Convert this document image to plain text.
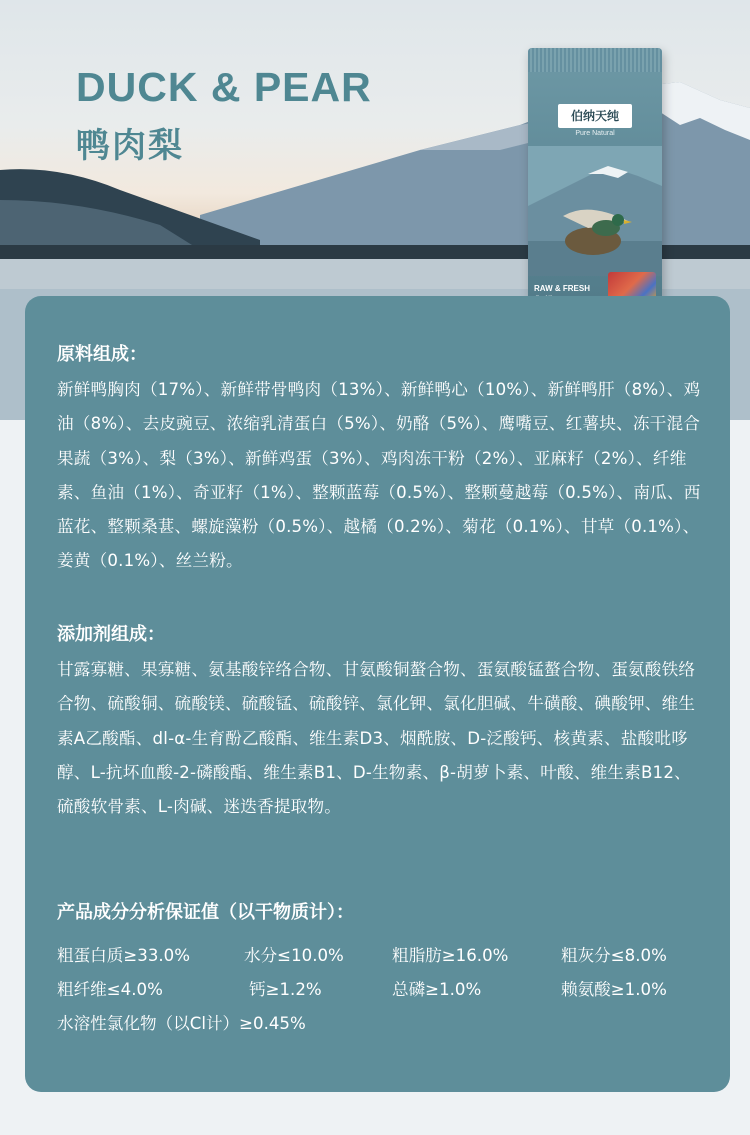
DUCK & PEAR
鸭肉梨
伯纳天纯
Pure Natural
RAW & FRESH
原料组成：

新鲜鸭胸肉（17%）、新鲜带骨鸭肉（13%）、新鲜鸭心（10%）、新鲜鸭肝（8%）、鸡油（8%）、去皮豌豆、浓缩乳清蛋白（5%）、奶酪（5%）、鹰嘴豆、红薯块、冻干混合果蔬（3%）、梨（3%）、新鲜鸡蛋（3%）、鸡肉冻干粉（2%）、亚麻籽（2%）、纤维素、鱼油（1%）、奇亚籽（1%）、整颗蓝莓（0.5%）、整颗蔓越莓（0.5%）、南瓜、西蓝花、整颗桑葚、螺旋藻粉（0.5%）、越橘（0.2%）、菊花（0.1%）、甘草（0.1%）、姜黄（0.1%）、丝兰粉。

添加剂组成：

甘露寡糖、果寡糖、氨基酸锌络合物、甘氨酸铜螯合物、蛋氨酸锰螯合物、蛋氨酸铁络合物、硫酸铜、硫酸镁、硫酸锰、硫酸锌、氯化钾、氯化胆碱、牛磺酸、碘酸钾、维生素A乙酸酯、dl-α-生育酚乙酸酯、维生素D3、烟酰胺、D-泛酸钙、核黄素、盐酸吡哆醇、L-抗坏血酸-2-磷酸酯、维生素B1、D-生物素、β-胡萝卜素、叶酸、维生素B12、硫酸软骨素、L-肉碱、迷迭香提取物。

产品成分分析保证值（以干物质计）：
粗蛋白质≥33.0%	水分≤10.0%	粗脂肪≥16.0%	粗灰分≤8.0%
粗纤维≤4.0%	钙≥1.2%	总磷≥1.0%	赖氨酸≥1.0%
水溶性氯化物（以Cl计）≥0.45%
